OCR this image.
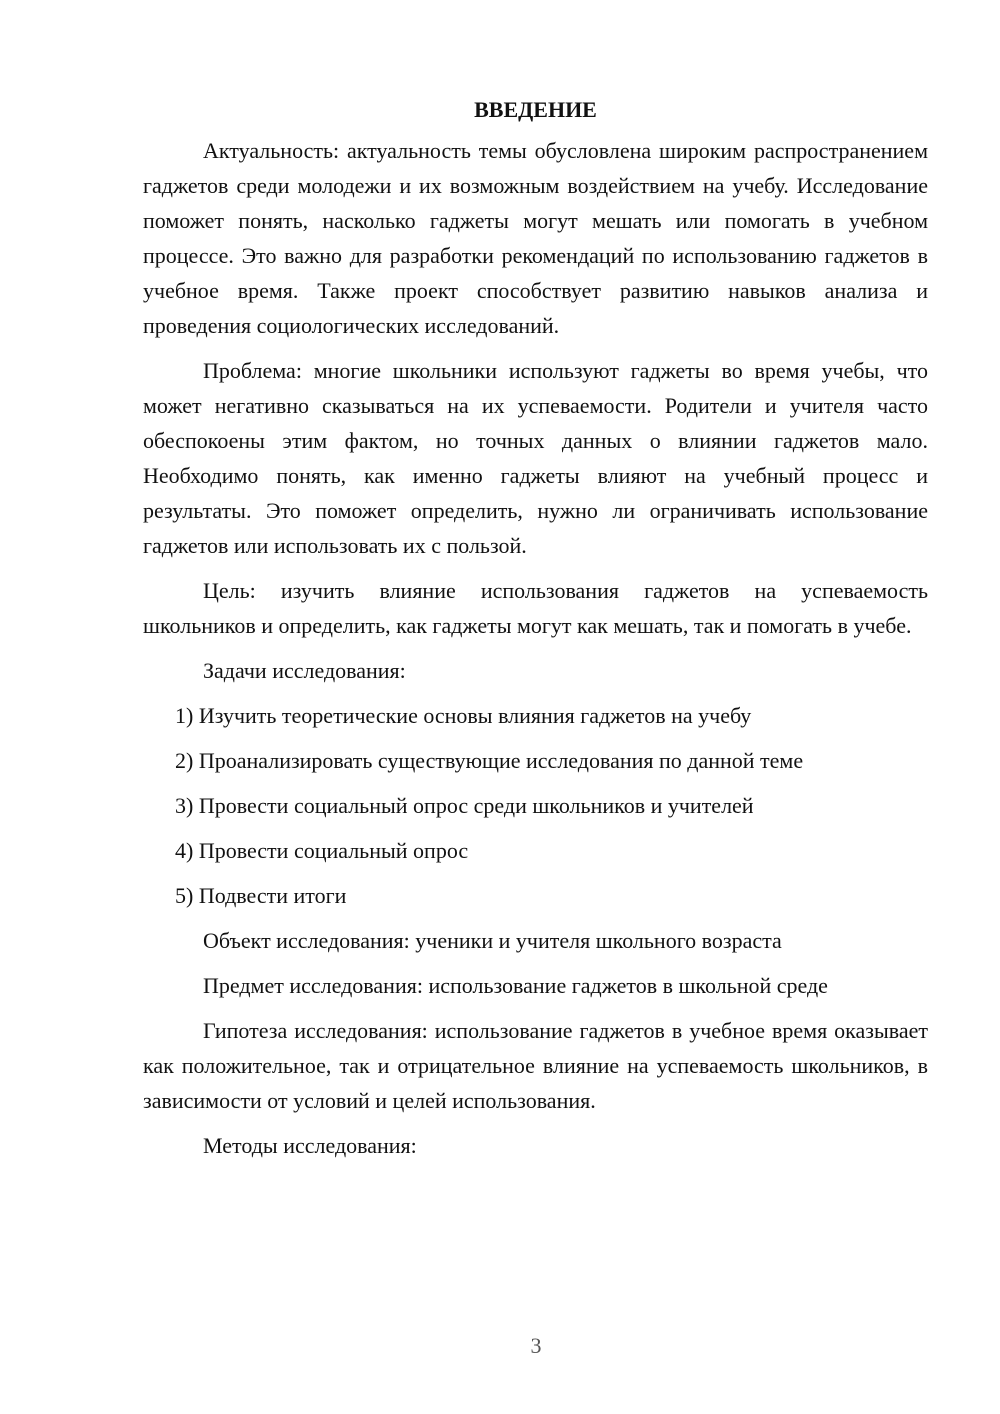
ВВЕДЕНИЕ

Актуальность: актуальность темы обусловлена широким распространением гаджетов среди молодежи и их возможным воздействием на учебу. Исследование поможет понять, насколько гаджеты могут мешать или помогать в учебном процессе. Это важно для разработки рекомендаций по использованию гаджетов в учебное время. Также проект способствует развитию навыков анализа и проведения социологических исследований.

Проблема: многие школьники используют гаджеты во время учебы, что может негативно сказываться на их успеваемости. Родители и учителя часто обеспокоены этим фактом, но точных данных о влиянии гаджетов мало. Необходимо понять, как именно гаджеты влияют на учебный процесс и результаты. Это поможет определить, нужно ли ограничивать использование гаджетов или использовать их с пользой.

Цель: изучить влияние использования гаджетов на успеваемость школьников и определить, как гаджеты могут как мешать, так и помогать в учебе.

Задачи исследования:
1) Изучить теоретические основы влияния гаджетов на учебу
2) Проанализировать существующие исследования по данной теме
3) Провести социальный опрос среди школьников и учителей
4) Провести социальный опрос
5) Подвести итоги
Объект исследования: ученики и учителя школьного возраста
Предмет исследования: использование гаджетов в школьной среде

Гипотеза исследования: использование гаджетов в учебное время оказывает как положительное, так и отрицательное влияние на успеваемость школьников, в зависимости от условий и целей использования.

Методы исследования:
3
